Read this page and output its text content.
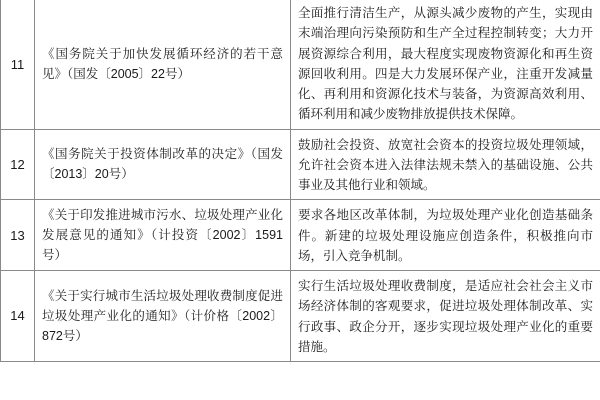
11	《国务院关于加快发展循环经济的若干意见》（国发〔2005〕22号）	全面推行清洁生产，从源头减少废物的产生，实现由末端治理向污染预防和生产全过程控制转变；大力开展资源综合利用，最大程度实现废物资源化和再生资源回收利用。四是大力发展环保产业，注重开发减量化、再利用和资源化技术与装备，为资源高效利用、循环利用和减少废物排放提供技术保障。
12	《国务院关于投资体制改革的决定》（国发〔2013〕20号）	鼓励社会投资、放宽社会资本的投资垃圾处理领域，允许社会资本进入法律法规未禁入的基础设施、公共事业及其他行业和领域。
13	《关于印发推进城市污水、垃圾处理产业化发展意见的通知》（计投资〔2002〕1591号）	要求各地区改革体制，为垃圾处理产业化创造基础条件。新建的垃圾处理设施应创造条件，积极推向市场，引入竞争机制。
14	《关于实行城市生活垃圾处理收费制度促进垃圾处理产业化的通知》（计价格〔2002〕872号）	实行生活垃圾处理收费制度，是适应社会社会主义市场经济体制的客观要求，促进垃圾处理体制改革、实行政事、政企分开，逐步实现垃圾处理产业化的重要措施。
